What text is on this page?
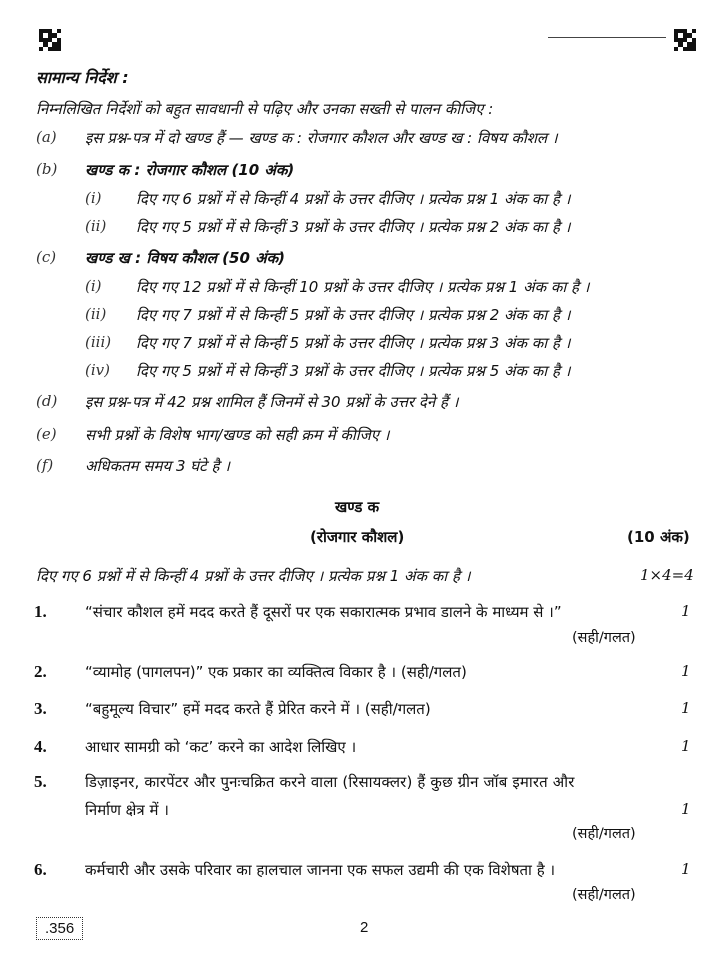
सामान्य निर्देश :
निम्नलिखित निर्देशों को बहुत सावधानी से पढ़िए और उनका सख्ती से पालन कीजिए :
(a) इस प्रश्न-पत्र में दो खण्ड हैं — खण्ड क : रोजगार कौशल और खण्ड ख : विषय कौशल ।
(b) खण्ड क : रोजगार कौशल (10 अंक)
(i) दिए गए 6 प्रश्नों में से किन्हीं 4 प्रश्नों के उत्तर दीजिए । प्रत्येक प्रश्न 1 अंक का है ।
(ii) दिए गए 5 प्रश्नों में से किन्हीं 3 प्रश्नों के उत्तर दीजिए । प्रत्येक प्रश्न 2 अंक का है ।
(c) खण्ड ख : विषय कौशल (50 अंक)
(i) दिए गए 12 प्रश्नों में से किन्हीं 10 प्रश्नों के उत्तर दीजिए । प्रत्येक प्रश्न 1 अंक का है ।
(ii) दिए गए 7 प्रश्नों में से किन्हीं 5 प्रश्नों के उत्तर दीजिए । प्रत्येक प्रश्न 2 अंक का है ।
(iii) दिए गए 7 प्रश्नों में से किन्हीं 5 प्रश्नों के उत्तर दीजिए । प्रत्येक प्रश्न 3 अंक का है ।
(iv) दिए गए 5 प्रश्नों में से किन्हीं 3 प्रश्नों के उत्तर दीजिए । प्रत्येक प्रश्न 5 अंक का है ।
(d) इस प्रश्न-पत्र में 42 प्रश्न शामिल हैं जिनमें से 30 प्रश्नों के उत्तर देने हैं ।
(e) सभी प्रश्नों के विशेष भाग/खण्ड को सही क्रम में कीजिए ।
(f) अधिकतम समय 3 घंटे है ।
खण्ड क
(रोजगार कौशल)	(10 अंक)
दिए गए 6 प्रश्नों में से किन्हीं 4 प्रश्नों के उत्तर दीजिए । प्रत्येक प्रश्न 1 अंक का है ।	1×4=4
1.	“संचार कौशल हमें मदद करते हैं दूसरों पर एक सकारात्मक प्रभाव डालने के माध्यम से ।”	1
(सही/गलत)
2.	“व्यामोह (पागलपन)” एक प्रकार का व्यक्तित्व विकार है । (सही/गलत)	1
3.	“बहुमूल्य विचार” हमें मदद करते हैं प्रेरित करने में । (सही/गलत)	1
4.	आधार सामग्री को ‘कट’ करने का आदेश लिखिए ।	1
5.	डिज़ाइनर, कारपेंटर और पुनःचक्रित करने वाला (रिसायक्लर) हैं कुछ ग्रीन जॉब इमारत और
निर्माण क्षेत्र में ।	1
(सही/गलत)
6.	कर्मचारी और उसके परिवार का हालचाल जानना एक सफल उद्यमी की एक विशेषता है ।	1
(सही/गलत)
.356	2
